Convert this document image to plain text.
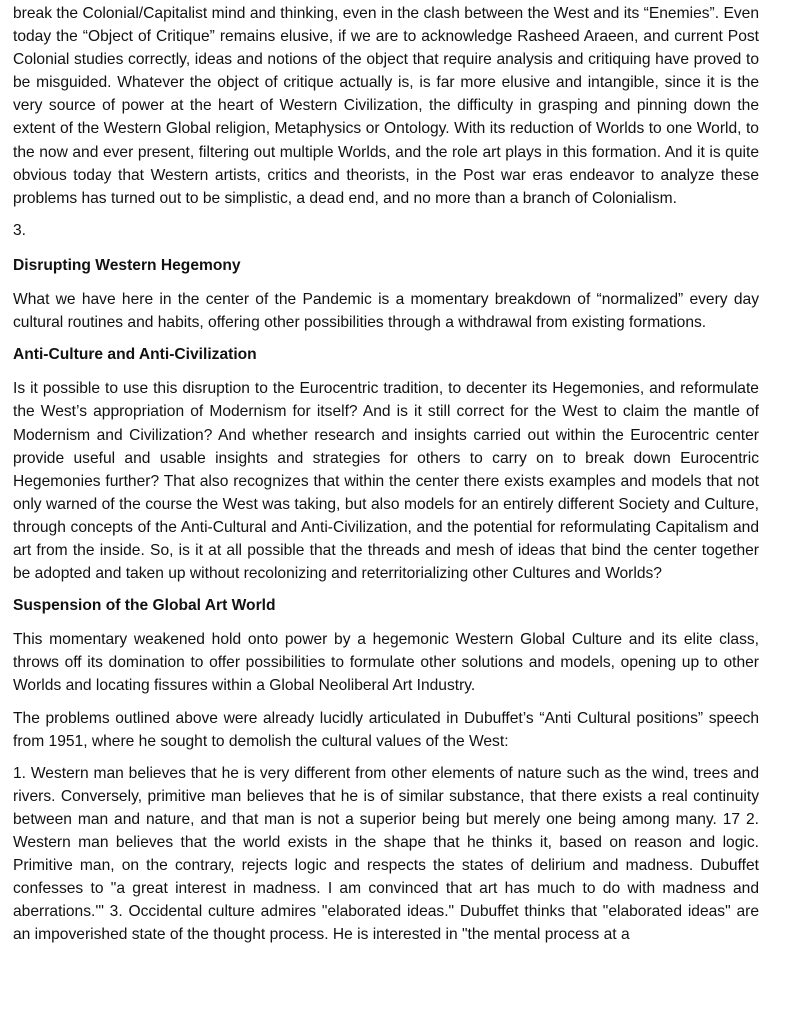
break the Colonial/Capitalist mind and thinking, even in the clash between the West and its “Enemies”. Even today the “Object of Critique” remains elusive, if we are to acknowledge Rasheed Araeen, and current Post Colonial studies correctly, ideas and notions of the object that require analysis and critiquing have proved to be misguided. Whatever the object of critique actually is, is far more elusive and intangible, since it is the very source of power at the heart of Western Civilization, the difficulty in grasping and pinning down the extent of the Western Global religion, Metaphysics or Ontology. With its reduction of Worlds to one World, to the now and ever present, filtering out multiple Worlds, and the role art plays in this formation. And it is quite obvious today that Western artists, critics and theorists, in the Post war eras endeavor to analyze these problems has turned out to be simplistic, a dead end, and no more than a branch of Colonialism.

3.

Disrupting Western Hegemony

What we have here in the center of the Pandemic is a momentary breakdown of “normalized” every day cultural routines and habits, offering other possibilities through a withdrawal from existing formations.

Anti-Culture and Anti-Civilization

Is it possible to use this disruption to the Eurocentric tradition, to decenter its Hegemonies, and reformulate the West’s appropriation of Modernism for itself? And is it still correct for the West to claim the mantle of Modernism and Civilization? And whether research and insights carried out within the Eurocentric center provide useful and usable insights and strategies for others to carry on to break down Eurocentric Hegemonies further? That also recognizes that within the center there exists examples and models that not only warned of the course the West was taking, but also models for an entirely different Society and Culture, through concepts of the Anti-Cultural and Anti-Civilization, and the potential for reformulating Capitalism and art from the inside. So, is it at all possible that the threads and mesh of ideas that bind the center together be adopted and taken up without recolonizing and reterritorializing other Cultures and Worlds?

Suspension of the Global Art World

This momentary weakened hold onto power by a hegemonic Western Global Culture and its elite class, throws off its domination to offer possibilities to formulate other solutions and models, opening up to other Worlds and locating fissures within a Global Neoliberal Art Industry.

The problems outlined above were already lucidly articulated in Dubuffet’s “Anti Cultural positions” speech from 1951, where he sought to demolish the cultural values of the West:

1. Western man believes that he is very different from other elements of nature such as the wind, trees and rivers. Conversely, primitive man believes that he is of similar substance, that there exists a real continuity between man and nature, and that man is not a superior being but merely one being among many. 17 2. Western man believes that the world exists in the shape that he thinks it, based on reason and logic. Primitive man, on the contrary, rejects logic and respects the states of delirium and madness. Dubuffet confesses to "a great interest in madness. I am convinced that art has much to do with madness and aberrations.'" 3. Occidental culture admires "elaborated ideas." Dubuffet thinks that "elaborated ideas" are an impoverished state of the thought process. He is interested in "the mental process at a
